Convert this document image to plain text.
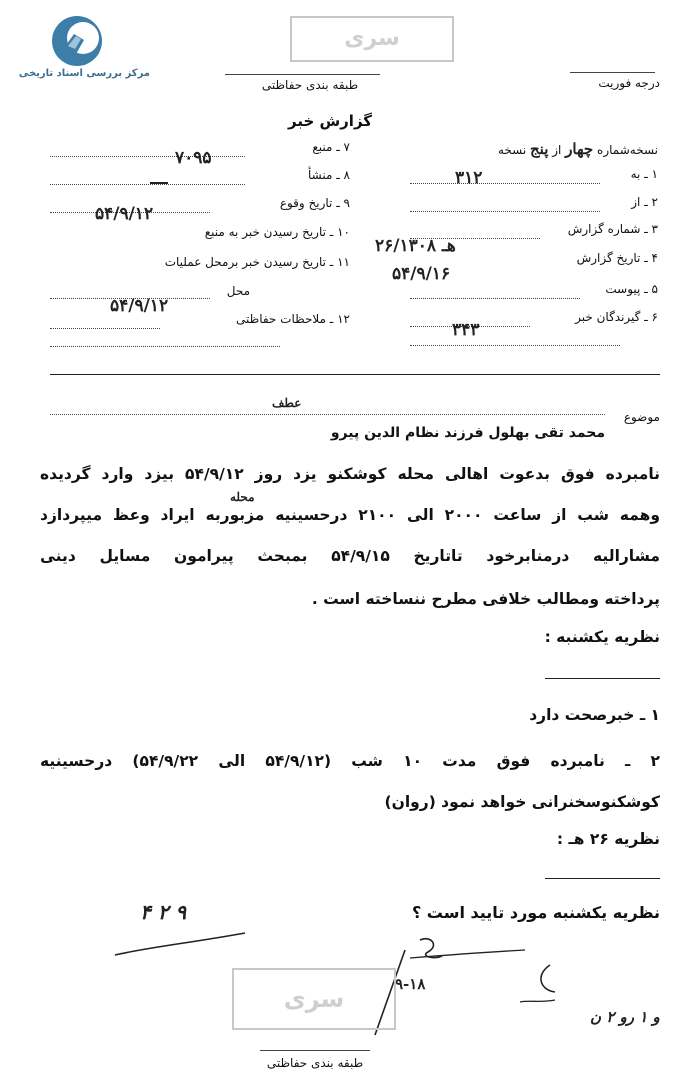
مرکز بررسی اسناد تاریخی
سری
طبقه بندی حفاظتی	درجه فوریت
گزارش خبر
نسخه‌شماره چهار از پنج نسخه
۱ ـ به
۳۱۲
۲ ـ از
۳ ـ شماره گزارش
۴ ـ تاریخ گزارش
۲۶/۱۳۰۸ هـ
۵۴/۹/۱۶
۵ ـ پیوست
۶ ـ گیرندگان خبر
۳۴۳
۷ ـ منبع
۷۰۹۵
۸ ـ منشأ
۹ ـ تاریخ وقوع
۵۴/۹/۱۲
۱۰ ـ تاریخ رسیدن خبر به منبع
۱۱ ـ تاریخ رسیدن خبر برمحل عملیات
محل
۵۴/۹/۱۲
۱۲ ـ ملاحظات حفاظتی
عطف
موضوع
محمد تقی بهلول فرزند نظام الدین پیرو
محله
نامبرده فوق بدعوت اهالی محله کوشکنو یزد روز ۵۴/۹/۱۲ بیزد وارد گردیده
وهمه شب از ساعت ۲۰۰۰ الی ۲۱۰۰ درحسینیه مزبوربه ایراد وعظ میپردازد
مشارالیه درمنابرخود تاتاریخ ۵۴/۹/۱۵ بمبحث پیرامون مسایل دینی
پرداخته ومطالب خلافی مطرح ننساخته است .
نظریه یکشنبه :
۱ ـ خبرصحت دارد
۲ ـ نامبرده فوق مدت ۱۰ شب (۵۴/۹/۱۲ الی ۵۴/۹/۲۲) درحسینیه
کوشکنوسخنرانی خواهد نمود (روان)
نظریه ۲۶ هـ :
نظریه یکشنبه مورد تایید است ؟
۴ ۲ ۹
۹-۱۸
و ۱ رو ۲ ن
سری
طبقه بندی حفاظتی
